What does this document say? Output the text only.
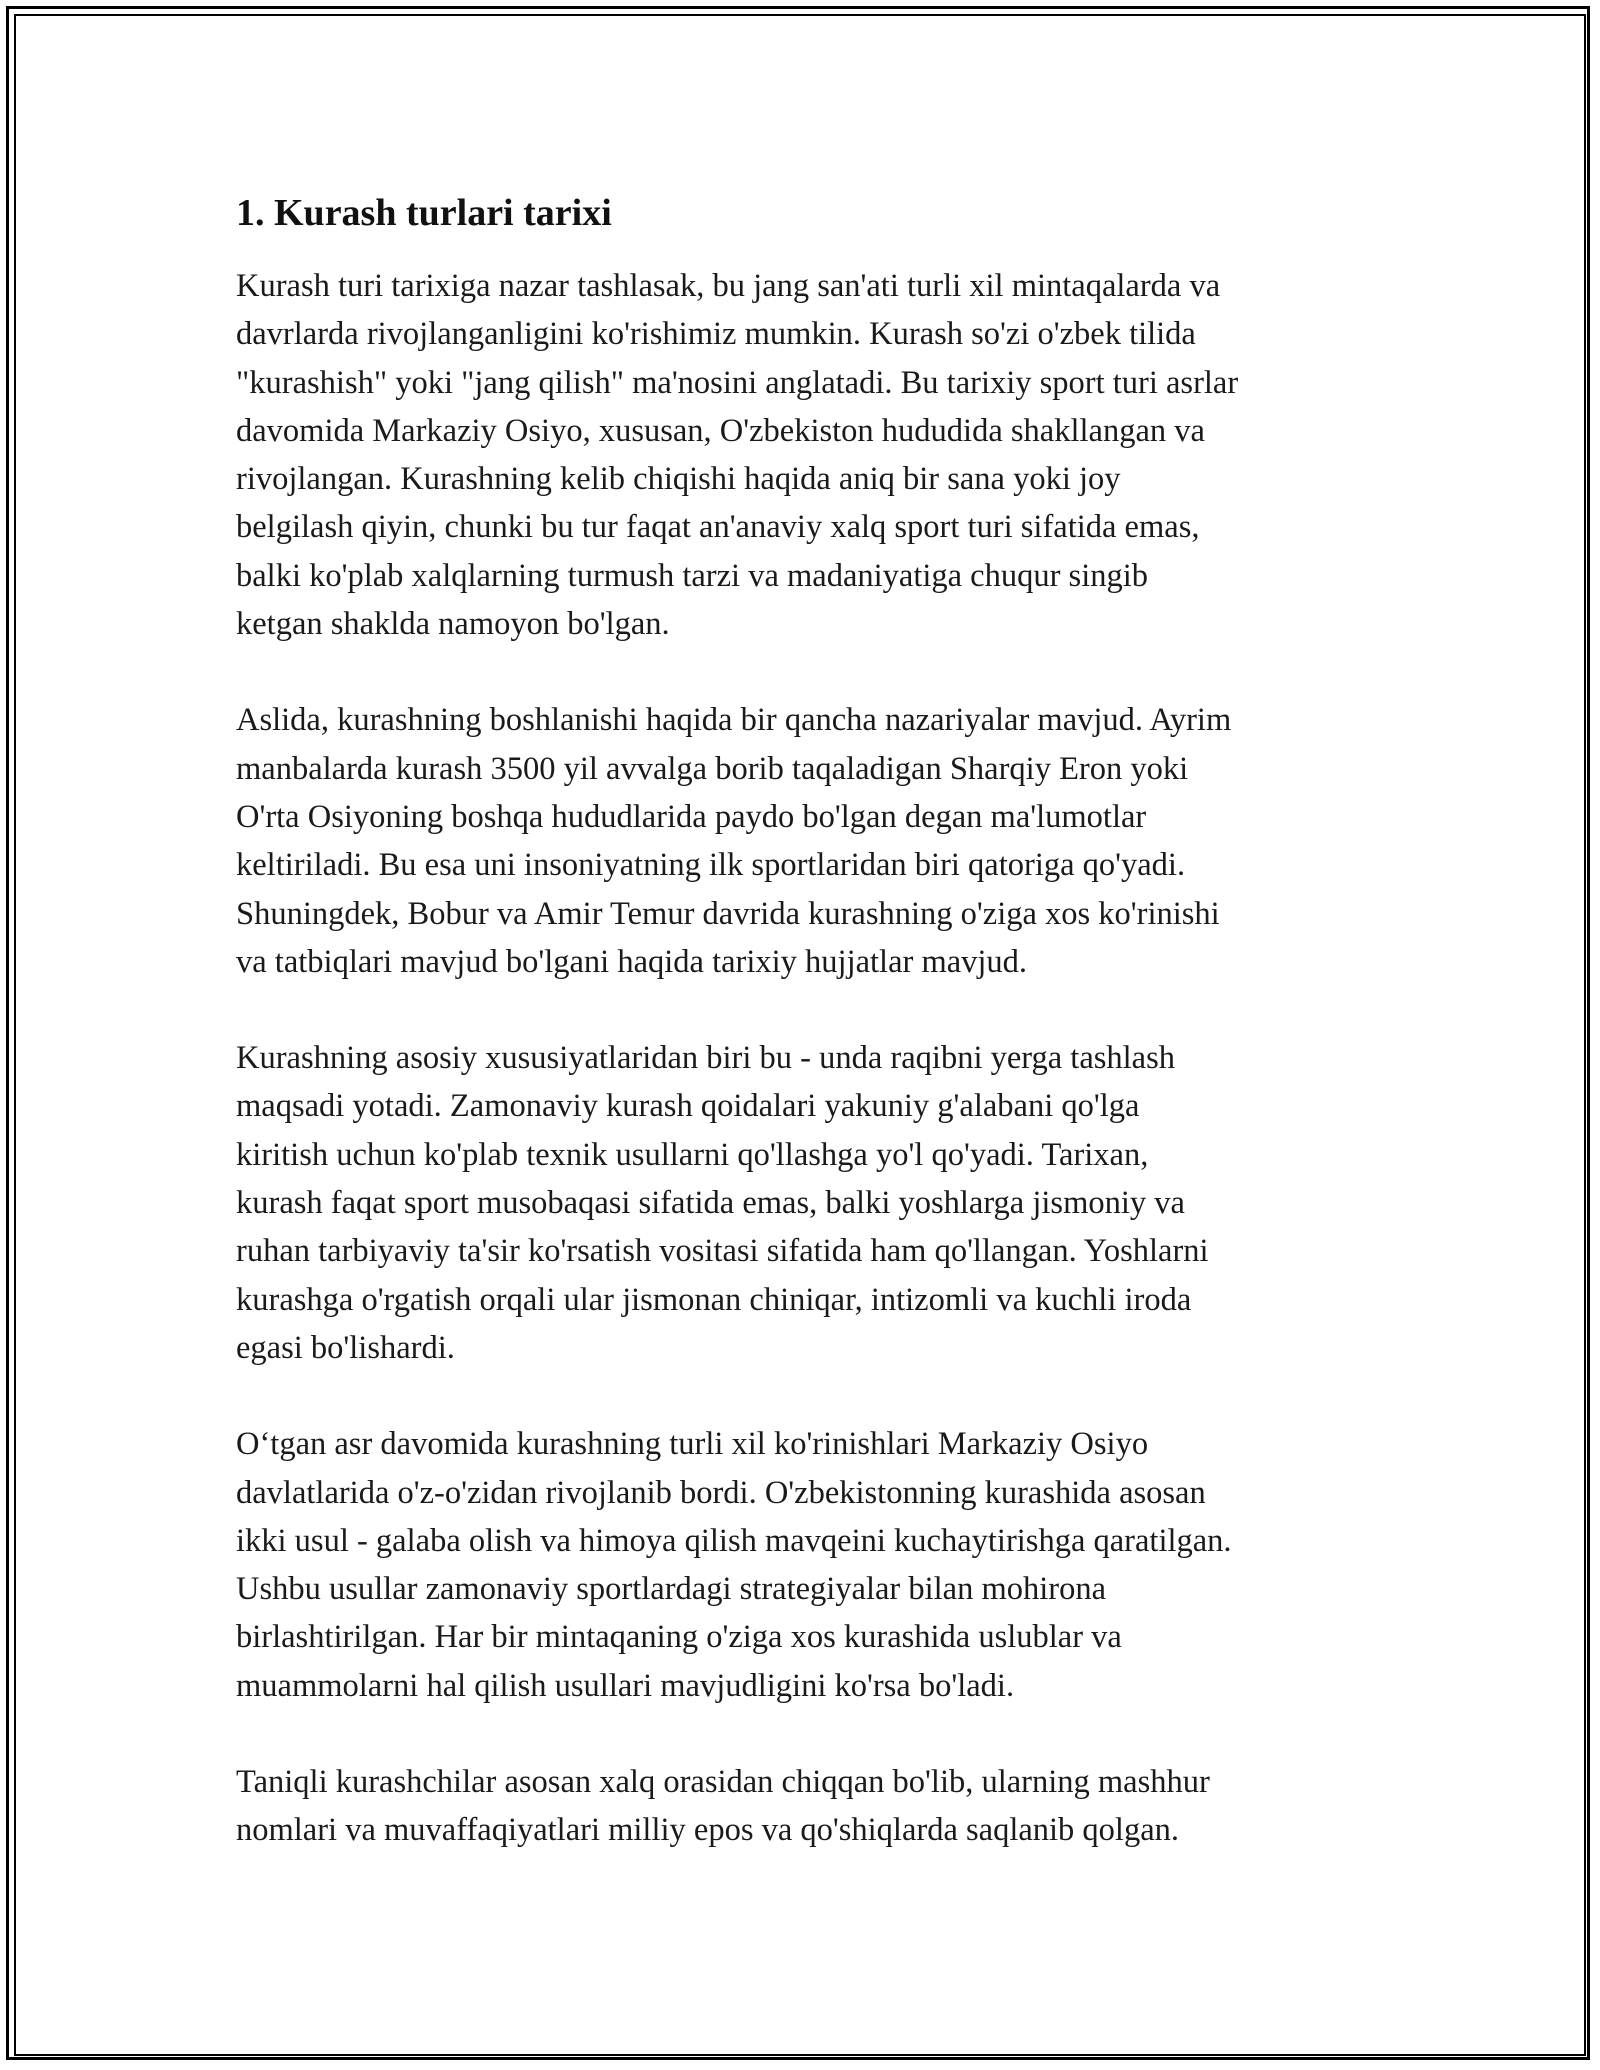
1. Kurash turlari tarixi

Kurash turi tarixiga nazar tashlasak, bu jang san'ati turli xil mintaqalarda va
davrlarda rivojlanganligini ko'rishimiz mumkin. Kurash so'zi o'zbek tilida
"kurashish" yoki "jang qilish" ma'nosini anglatadi. Bu tarixiy sport turi asrlar
davomida Markaziy Osiyo, xususan, O'zbekiston hududida shakllangan va
rivojlangan. Kurashning kelib chiqishi haqida aniq bir sana yoki joy
belgilash qiyin, chunki bu tur faqat an'anaviy xalq sport turi sifatida emas,
balki ko'plab xalqlarning turmush tarzi va madaniyatiga chuqur singib
ketgan shaklda namoyon bo'lgan.

Aslida, kurashning boshlanishi haqida bir qancha nazariyalar mavjud. Ayrim
manbalarda kurash 3500 yil avvalga borib taqaladigan Sharqiy Eron yoki
O'rta Osiyoning boshqa hududlarida paydo bo'lgan degan ma'lumotlar
keltiriladi. Bu esa uni insoniyatning ilk sportlaridan biri qatoriga qo'yadi.
Shuningdek, Bobur va Amir Temur davrida kurashning o'ziga xos ko'rinishi
va tatbiqlari mavjud bo'lgani haqida tarixiy hujjatlar mavjud.

Kurashning asosiy xususiyatlaridan biri bu - unda raqibni yerga tashlash
maqsadi yotadi. Zamonaviy kurash qoidalari yakuniy g'alabani qo'lga
kiritish uchun ko'plab texnik usullarni qo'llashga yo'l qo'yadi. Tarixan,
kurash faqat sport musobaqasi sifatida emas, balki yoshlarga jismoniy va
ruhan tarbiyaviy ta'sir ko'rsatish vositasi sifatida ham qo'llangan. Yoshlarni
kurashga o'rgatish orqali ular jismonan chiniqar, intizomli va kuchli iroda
egasi bo'lishardi.

O‘tgan asr davomida kurashning turli xil ko'rinishlari Markaziy Osiyo
davlatlarida o'z-o'zidan rivojlanib bordi. O'zbekistonning kurashida asosan
ikki usul - galaba olish va himoya qilish mavqeini kuchaytirishga qaratilgan.
Ushbu usullar zamonaviy sportlardagi strategiyalar bilan mohirona
birlashtirilgan. Har bir mintaqaning o'ziga xos kurashida uslublar va
muammolarni hal qilish usullari mavjudligini ko'rsa bo'ladi.

Taniqli kurashchilar asosan xalq orasidan chiqqan bo'lib, ularning mashhur
nomlari va muvaffaqiyatlari milliy epos va qo'shiqlarda saqlanib qolgan.
